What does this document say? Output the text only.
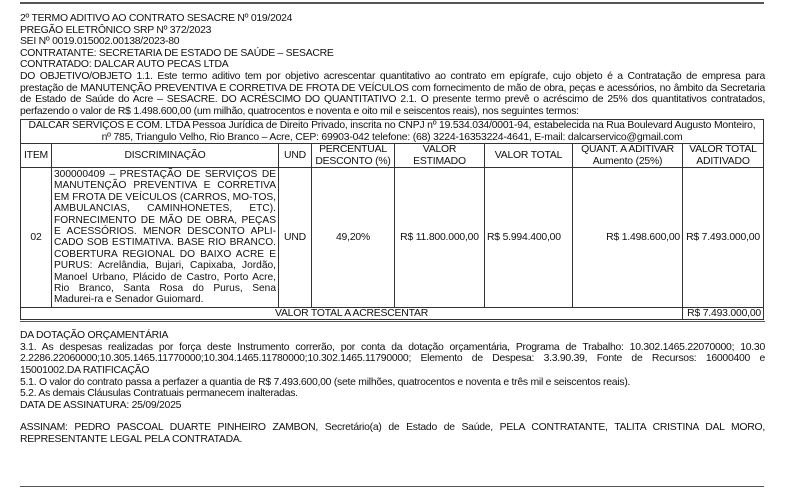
2º TERMO ADITIVO AO CONTRATO SESACRE Nº 019/2024

PREGÃO ELETRÔNICO SRP Nº 372/2023

SEI Nº 0019.015002.00138/2023-80

CONTRATANTE: SECRETARIA DE ESTADO DE SAÚDE – SESACRE

CONTRATADO: DALCAR AUTO PECAS LTDA

DO OBJETIVO/OBJETO 1.1. Este termo aditivo tem por objetivo acrescentar quantitativo ao contrato em epígrafe, cujo objeto é a Contratação de empresa para prestação de MANUTENÇÃO PREVENTIVA E CORRETIVA DE FROTA DE VEÍCULOS com fornecimento de mão de obra, peças e acessórios, no âmbito da Secretaria de Estado de Saúde do Acre – SESACRE. DO ACRÉSCIMO DO QUANTITATIVO 2.1. O presente termo prevê o acréscimo de 25% dos quantitativos contratados, perfazendo o valor de R$ 1.498.600,00 (um milhão, quatrocentos e noventa e oito mil e seiscentos reais), nos seguintes termos:

DALCAR SERVIÇOS E COM. LTDA Pessoa Jurídica de Direito Privado, inscrita no CNPJ nº 19.534.034/0001-94, estabelecida na Rua Boulevard Augusto Monteiro, nº 785, Triangulo Velho, Rio Branco – Acre, CEP: 69903-042 telefone: (68) 3224-16353224-4641, E-mail: dalcarservico@gmail.com							
ITEM	DISCRIMINAÇÃO	UND	PERCENTUAL DESCONTO (%)	VALOR ESTIMADO	VALOR TOTAL	QUANT. A ADITIVAR Aumento (25%)	VALOR TOTAL ADITIVADO
02	300000409 – PRESTAÇÃO DE SERVIÇOS DE MANUTENÇÃO PREVENTIVA E CORRETIVA EM FROTA DE VEÍCULOS (CARROS, MO-TOS, AMBULANCIAS, CAMINHONETES, ETC). FORNECIMENTO DE MÃO DE OBRA, PEÇAS E ACESSÓRIOS. MENOR DESCONTO APLI-CADO SOB ESTIMATIVA. BASE RIO BRANCO. COBERTURA REGIONAL DO BAIXO ACRE E PURUS: Acrelândia, Bujari, Capixaba, Jordão, Manoel Urbano, Plácido de Castro, Porto Acre, Rio Branco, Santa Rosa do Purus, Sena Madurei-ra e Senador Guiomard.	UND	49,20%	R$ 11.800.000,00	R$ 5.994.400,00	R$ 1.498.600,00	R$ 7.493.000,00
VALOR TOTAL A ACRESCENTAR							R$ 7.493.000,00

DA DOTAÇÃO ORÇAMENTÁRIA

3.1. As despesas realizadas por força deste Instrumento correrão, por conta da dotação orçamentária, Programa de Trabalho: 10.302.1465.22070000; 10.30 2.2286.22060000;10.305.1465.11770000;10.304.1465.11780000;10.302.1465.11790000; Elemento de Despesa: 3.3.90.39, Fonte de Recursos: 16000400 e 15001002.DA RATIFICAÇÃO

5.1. O valor do contrato passa a perfazer a quantia de R$ 7.493.600,00 (sete milhões, quatrocentos e noventa e três mil e seiscentos reais).

5.2. As demais Cláusulas Contratuais permanecem inalteradas.

DATA DE ASSINATURA: 25/09/2025

ASSINAM: PEDRO PASCOAL DUARTE PINHEIRO ZAMBON, Secretário(a) de Estado de Saúde, PELA CONTRATANTE, TALITA CRISTINA DAL MORO, REPRESENTANTE LEGAL PELA CONTRATADA.
